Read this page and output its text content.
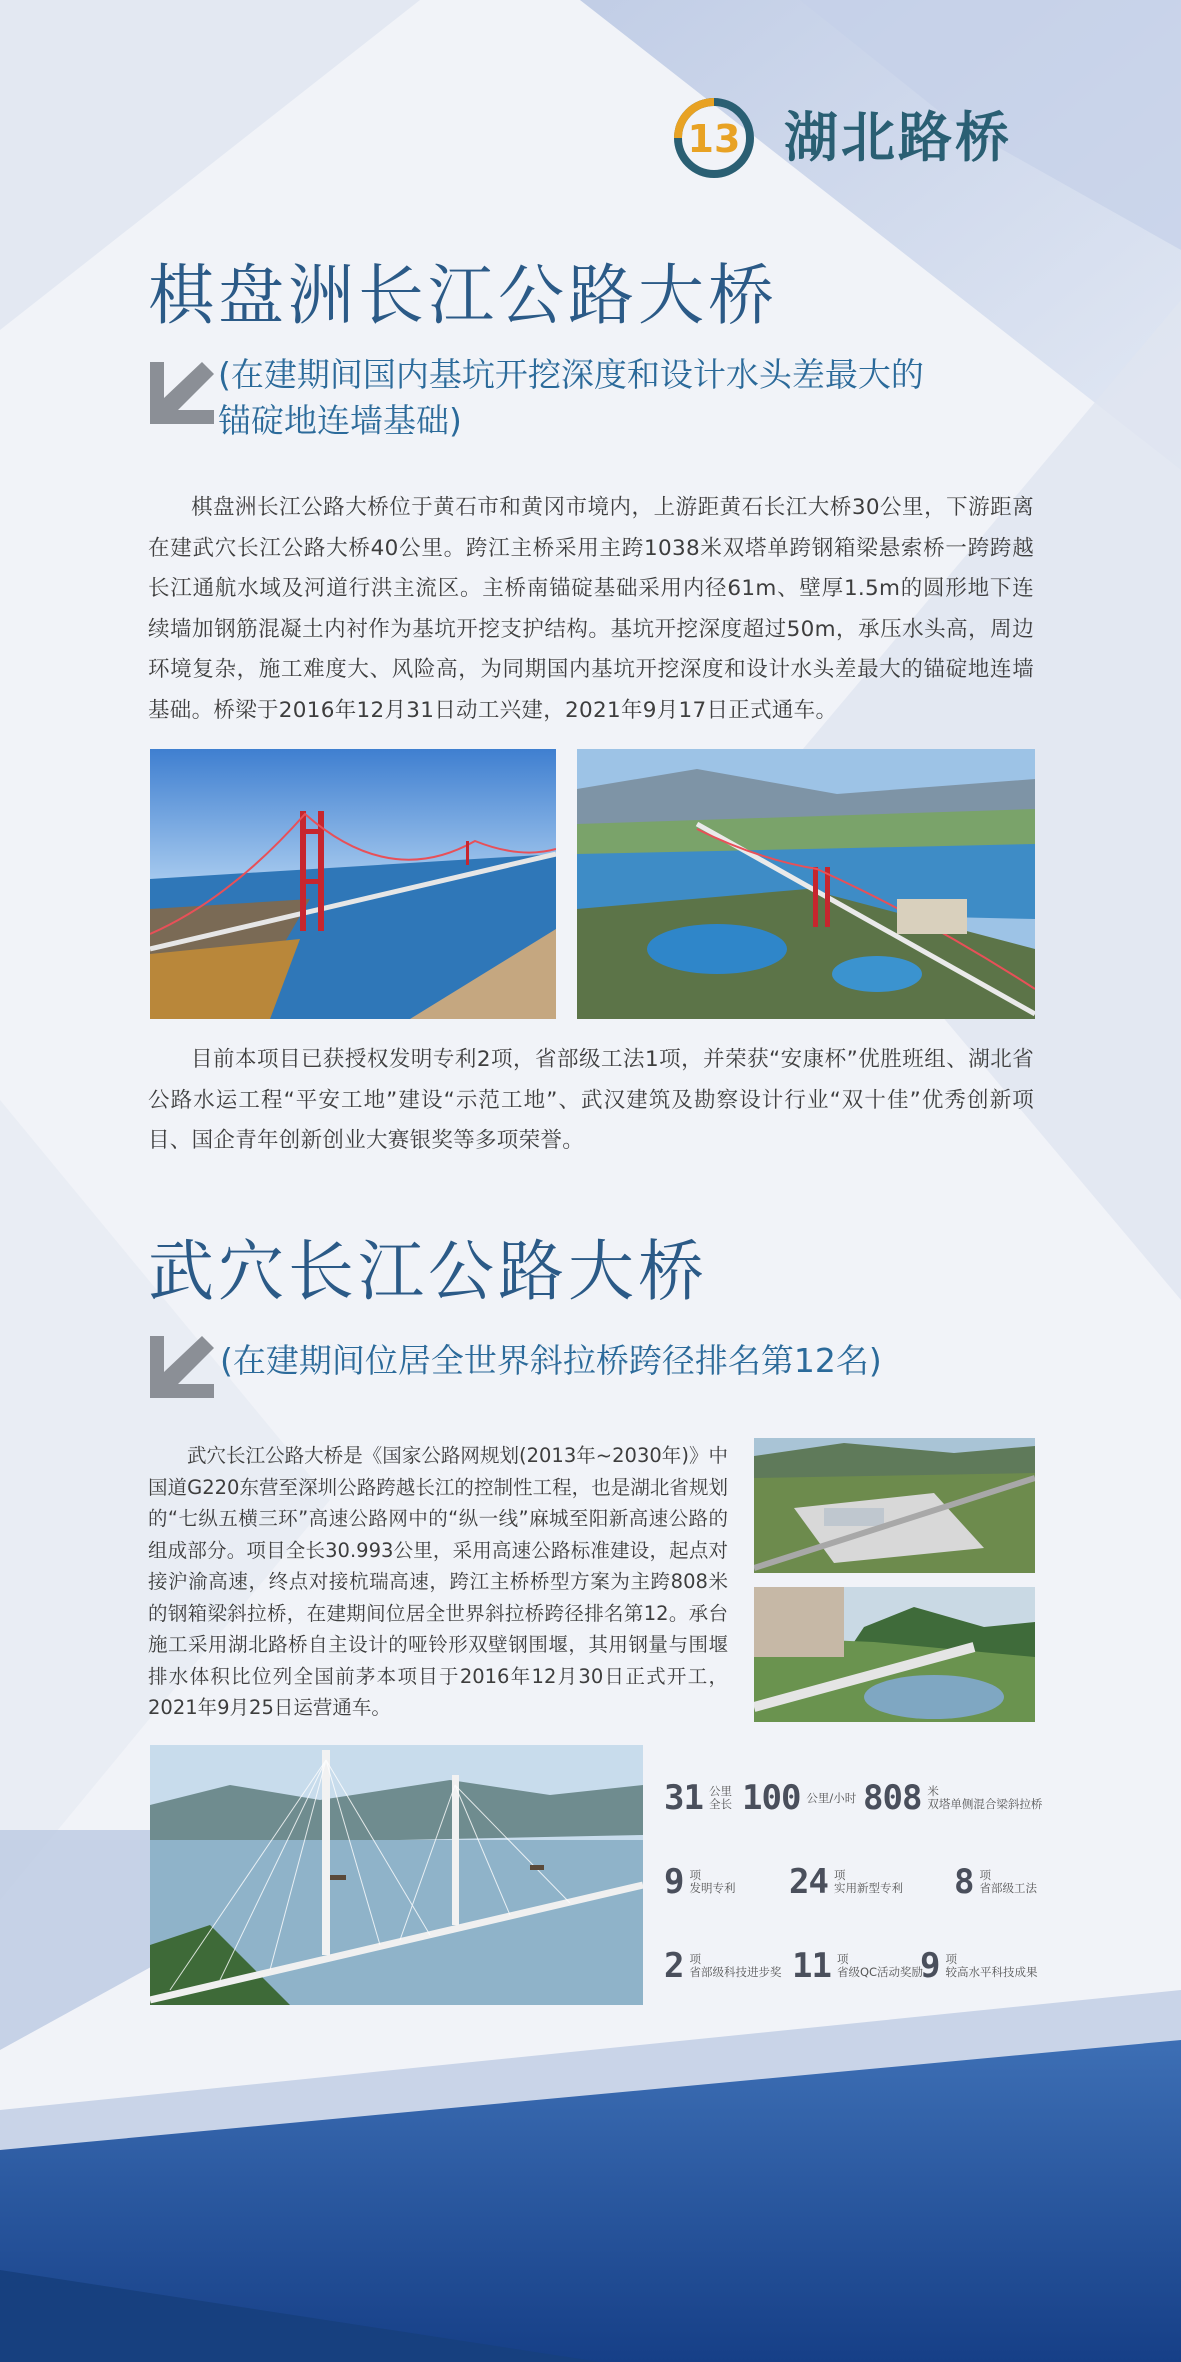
13 湖北路桥
棋盘洲长江公路大桥
(在建期间国内基坑开挖深度和设计水头差最大的
锚碇地连墙基础)

棋盘洲长江公路大桥位于黄石市和黄冈市境内，上游距黄石长江大桥30公里，下游距离在建武穴长江公路大桥40公里。跨江主桥采用主跨1038米双塔单跨钢箱梁悬索桥一跨跨越长江通航水域及河道行洪主流区。主桥南锚碇基础采用内径61m、壁厚1.5m的圆形地下连续墙加钢筋混凝土内衬作为基坑开挖支护结构。基坑开挖深度超过50m，承压水头高，周边环境复杂，施工难度大、风险高，为同期国内基坑开挖深度和设计水头差最大的锚碇地连墙基础。桥梁于2016年12月31日动工兴建，2021年9月17日正式通车。

目前本项目已获授权发明专利2项，省部级工法1项，并荣获“安康杯”优胜班组、湖北省公路水运工程“平安工地”建设“示范工地”、武汉建筑及勘察设计行业“双十佳”优秀创新项目、国企青年创新创业大赛银奖等多项荣誉。

武穴长江公路大桥
(在建期间位居全世界斜拉桥跨径排名第12名)

武穴长江公路大桥是《国家公路网规划(2013年~2030年)》中国道G220东营至深圳公路跨越长江的控制性工程，也是湖北省规划的“七纵五横三环”高速公路网中的“纵一线”麻城至阳新高速公路的组成部分。项目全长30.993公里，采用高速公路标准建设，起点对接沪渝高速，终点对接杭瑞高速，跨江主桥桥型方案为主跨808米的钢箱梁斜拉桥，在建期间位居全世界斜拉桥跨径排名第12。承台施工采用湖北路桥自主设计的哑铃形双壁钢围堰，其用钢量与围堰排水体积比位列全国前茅本项目于2016年12月30日正式开工，2021年9月25日运营通车。

31 公里
全长 100 公里/小时 808 米
双塔单侧混合梁斜拉桥
9 项
发明专利 24 项
实用新型专利 8 项
省部级工法
2 项
省部级科技进步奖 11 项
省级QC活动奖励
9 项
较高水平科技成果
